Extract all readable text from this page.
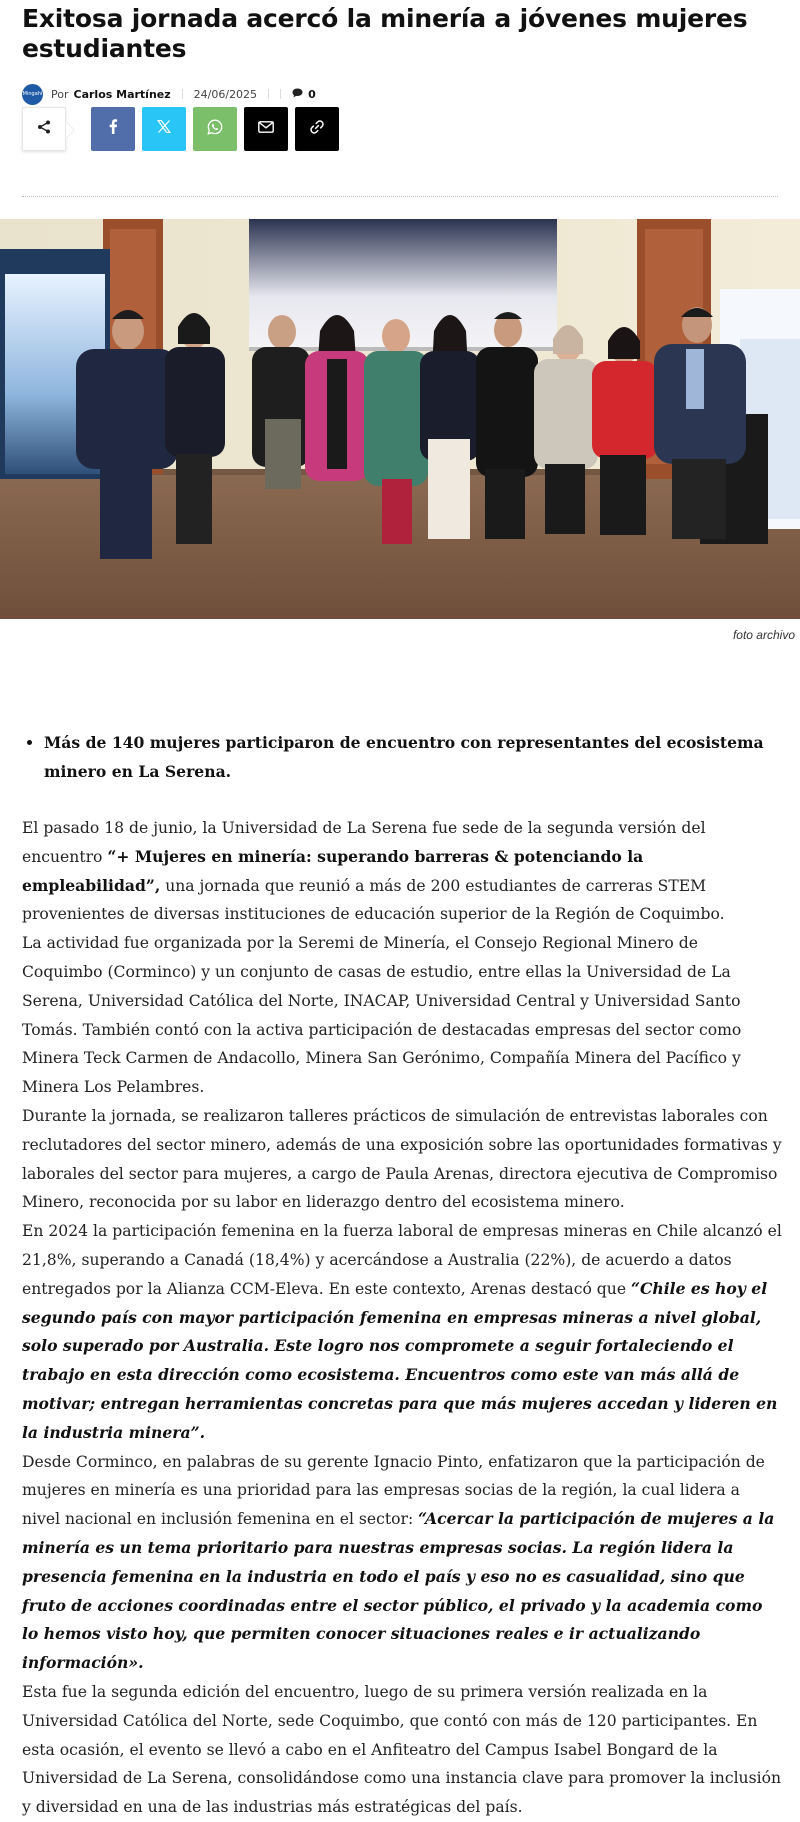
Exitosa jornada acercó la minería a jóvenes mujeres estudiantes
Mingahi Por Carlos Martínez 24/06/2025	0
foto archivo
• Más de 140 mujeres participaron de encuentro con representantes del ecosistema minero en La Serena.

El pasado 18 de junio, la Universidad de La Serena fue sede de la segunda versión del encuentro “+ Mujeres en minería: superando barreras & potenciando la empleabilidad”, una jornada que reunió a más de 200 estudiantes de carreras STEM provenientes de diversas instituciones de educación superior de la Región de Coquimbo.

La actividad fue organizada por la Seremi de Minería, el Consejo Regional Minero de Coquimbo (Corminco) y un conjunto de casas de estudio, entre ellas la Universidad de La Serena, Universidad Católica del Norte, INACAP, Universidad Central y Universidad Santo Tomás. También contó con la activa participación de destacadas empresas del sector como Minera Teck Carmen de Andacollo, Minera San Gerónimo, Compañía Minera del Pacífico y Minera Los Pelambres.

Durante la jornada, se realizaron talleres prácticos de simulación de entrevistas laborales con reclutadores del sector minero, además de una exposición sobre las oportunidades formativas y laborales del sector para mujeres, a cargo de Paula Arenas, directora ejecutiva de Compromiso Minero, reconocida por su labor en liderazgo dentro del ecosistema minero.

En 2024 la participación femenina en la fuerza laboral de empresas mineras en Chile alcanzó el 21,8%, superando a Canadá (18,4%) y acercándose a Australia (22%), de acuerdo a datos entregados por la Alianza CCM-Eleva. En este contexto, Arenas destacó que “Chile es hoy el segundo país con mayor participación femenina en empresas mineras a nivel global, solo superado por Australia. Este logro nos compromete a seguir fortaleciendo el trabajo en esta dirección como ecosistema. Encuentros como este van más allá de motivar; entregan herramientas concretas para que más mujeres accedan y lideren en la industria minera”.

Desde Corminco, en palabras de su gerente Ignacio Pinto, enfatizaron que la participación de mujeres en minería es una prioridad para las empresas socias de la región, la cual lidera a nivel nacional en inclusión femenina en el sector: “Acercar la participación de mujeres a la minería es un tema prioritario para nuestras empresas socias. La región lidera la presencia femenina en la industria en todo el país y eso no es casualidad, sino que fruto de acciones coordinadas entre el sector público, el privado y la academia como lo hemos visto hoy, que permiten conocer situaciones reales e ir actualizando información».

Esta fue la segunda edición del encuentro, luego de su primera versión realizada en la Universidad Católica del Norte, sede Coquimbo, que contó con más de 120 participantes. En esta ocasión, el evento se llevó a cabo en el Anfiteatro del Campus Isabel Bongard de la Universidad de La Serena, consolidándose como una instancia clave para promover la inclusión y diversidad en una de las industrias más estratégicas del país.
